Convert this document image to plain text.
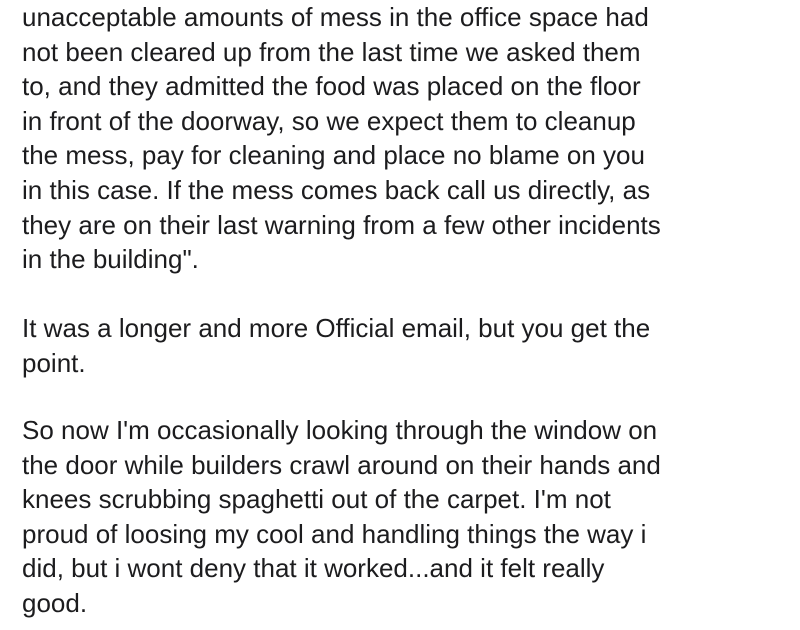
unacceptable amounts of mess in the office space had
not been cleared up from the last time we asked them
to, and they admitted the food was placed on the floor
in front of the doorway, so we expect them to cleanup
the mess, pay for cleaning and place no blame on you
in this case. If the mess comes back call us directly, as
they are on their last warning from a few other incidents
in the building".

It was a longer and more Official email, but you get the
point.

So now I'm occasionally looking through the window on
the door while builders crawl around on their hands and
knees scrubbing spaghetti out of the carpet. I'm not
proud of loosing my cool and handling things the way i
did, but i wont deny that it worked...and it felt really
good.
